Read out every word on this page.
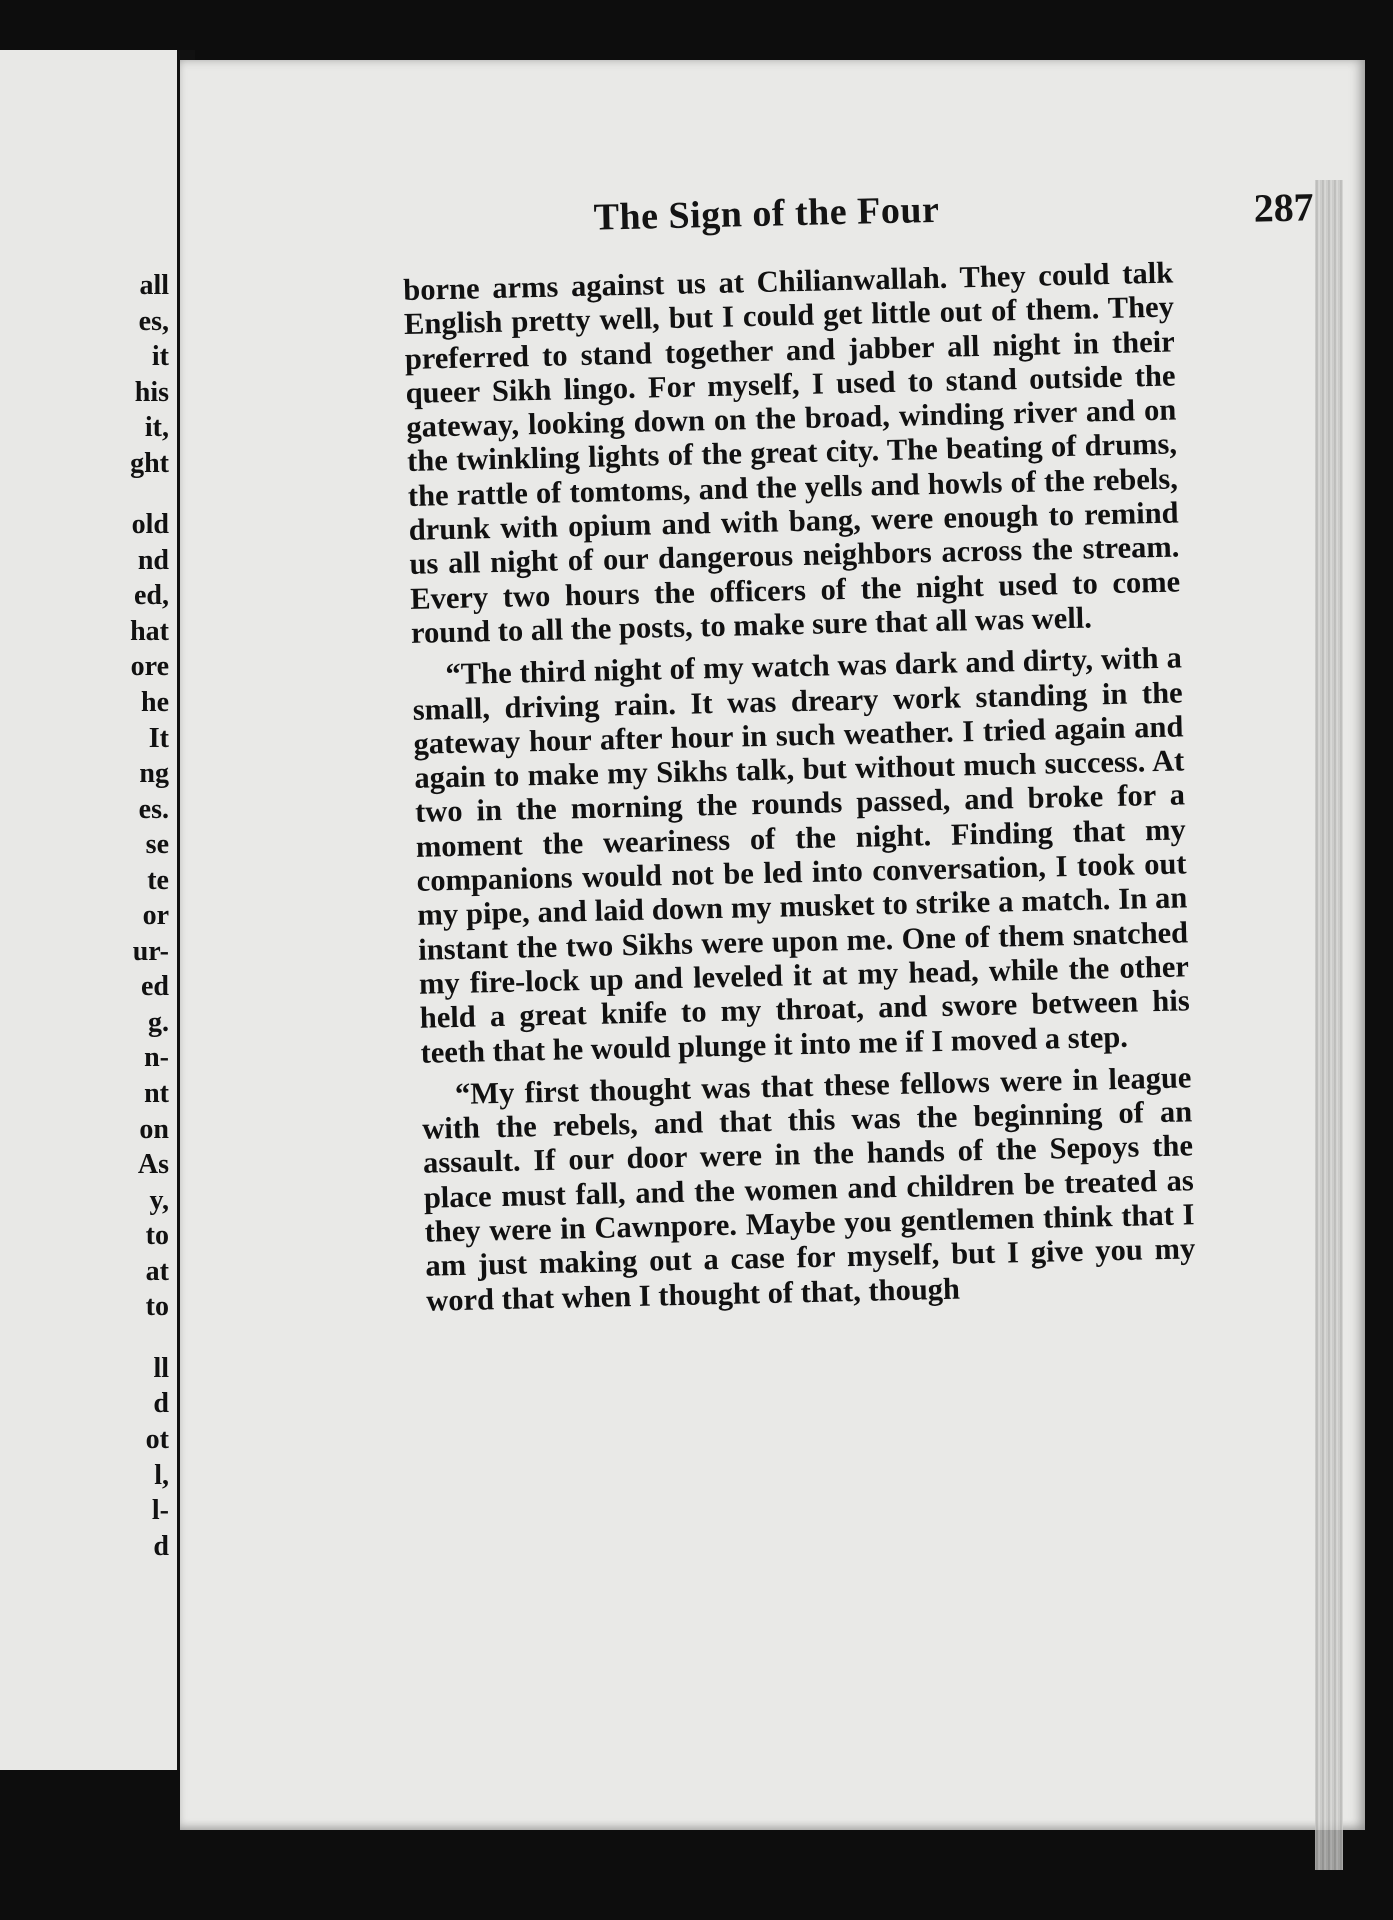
all
es,
it
his
it,
ght
old
nd
ed,
hat
ore
he
It
ng
es.
se
te
or
ur-
ed
g.
n-
nt
on
As
y,
to
at
to
ll
d
ot
l,
l-
d
The Sign of the Four	287

borne arms against us at Chilianwallah. They could talk English pretty well, but I could get little out of them. They preferred to stand together and jabber all night in their queer Sikh lingo. For myself, I used to stand outside the gateway, looking down on the broad, winding river and on the twinkling lights of the great city. The beating of drums, the rattle of tomtoms, and the yells and howls of the rebels, drunk with opium and with bang, were enough to remind us all night of our dangerous neighbors across the stream. Every two hours the officers of the night used to come round to all the posts, to make sure that all was well.

“The third night of my watch was dark and dirty, with a small, driving rain. It was dreary work standing in the gateway hour after hour in such weather. I tried again and again to make my Sikhs talk, but without much success. At two in the morning the rounds passed, and broke for a moment the weariness of the night. Finding that my companions would not be led into conversation, I took out my pipe, and laid down my musket to strike a match. In an instant the two Sikhs were upon me. One of them snatched my fire-lock up and leveled it at my head, while the other held a great knife to my throat, and swore between his teeth that he would plunge it into me if I moved a step.

“My first thought was that these fellows were in league with the rebels, and that this was the beginning of an assault. If our door were in the hands of the Sepoys the place must fall, and the women and children be treated as they were in Cawnpore. Maybe you gentlemen think that I am just making out a case for myself, but I give you my word that when I thought of that, though
